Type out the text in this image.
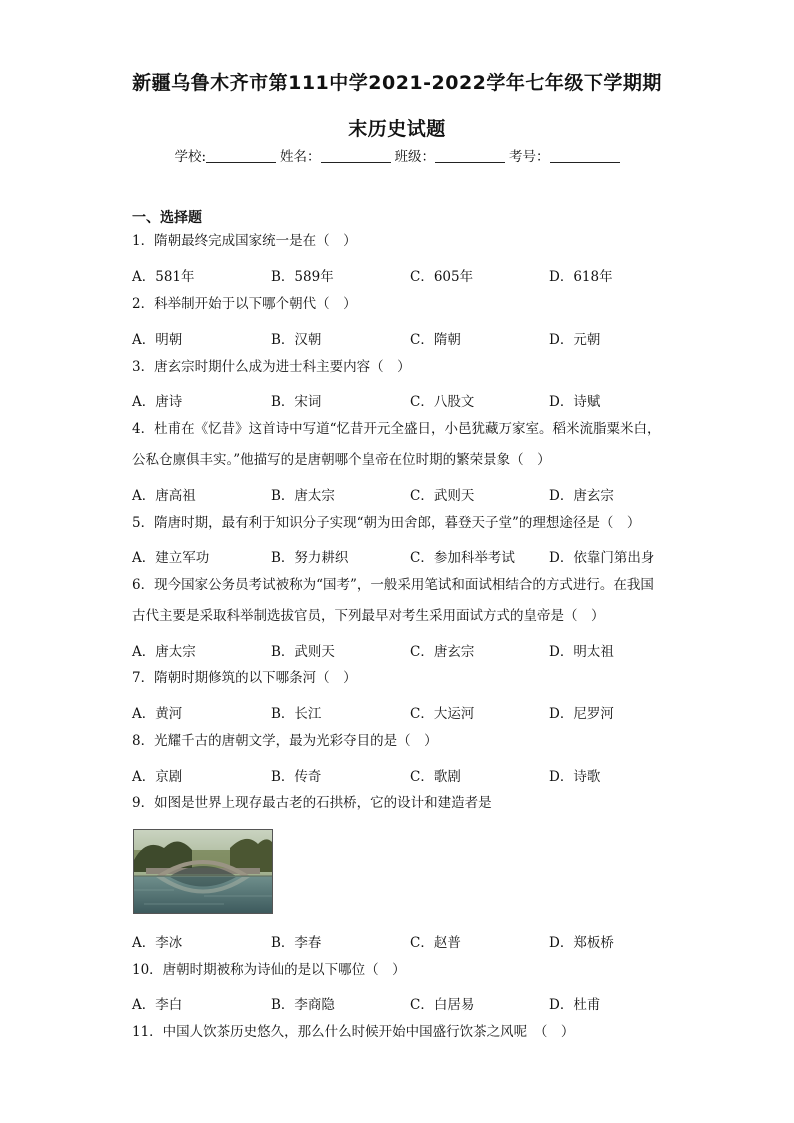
新疆乌鲁木齐市第111中学2021-2022学年七年级下学期期
末历史试题
学校:	姓名：	班级：	考号：
一、选择题
1．隋朝最终完成国家统一是在（　）
A．581年	B．589年	C．605年	D．618年
2．科举制开始于以下哪个朝代（　）
A．明朝	B．汉朝	C．隋朝	D．元朝
3．唐玄宗时期什么成为进士科主要内容（　）
A．唐诗	B．宋词	C．八股文	D．诗赋
4．杜甫在《忆昔》这首诗中写道“忆昔开元全盛日，小邑犹藏万家室。稻米流脂粟米白，公私仓廪俱丰实。”他描写的是唐朝哪个皇帝在位时期的繁荣景象（　）
A．唐高祖	B．唐太宗	C．武则天	D．唐玄宗
5．隋唐时期，最有利于知识分子实现“朝为田舍郎，暮登天子堂”的理想途径是（　）
A．建立军功	B．努力耕织	C．参加科举考试	D．依靠门第出身
6．现今国家公务员考试被称为“国考”，一般采用笔试和面试相结合的方式进行。在我国古代主要是采取科举制选拔官员，下列最早对考生采用面试方式的皇帝是（　）
A．唐太宗	B．武则天	C．唐玄宗	D．明太祖
7．隋朝时期修筑的以下哪条河（　）
A．黄河	B．长江	C．大运河	D．尼罗河
8．光耀千古的唐朝文学，最为光彩夺目的是（　）
A．京剧	B．传奇	C．歌剧	D．诗歌
9．如图是世界上现存最古老的石拱桥，它的设计和建造者是
A．李冰	B．李春	C．赵普	D．郑板桥
10．唐朝时期被称为诗仙的是以下哪位（　）
A．李白	B．李商隐	C．白居易	D．杜甫
11．中国人饮茶历史悠久，那么什么时候开始中国盛行饮茶之风呢　（　）
